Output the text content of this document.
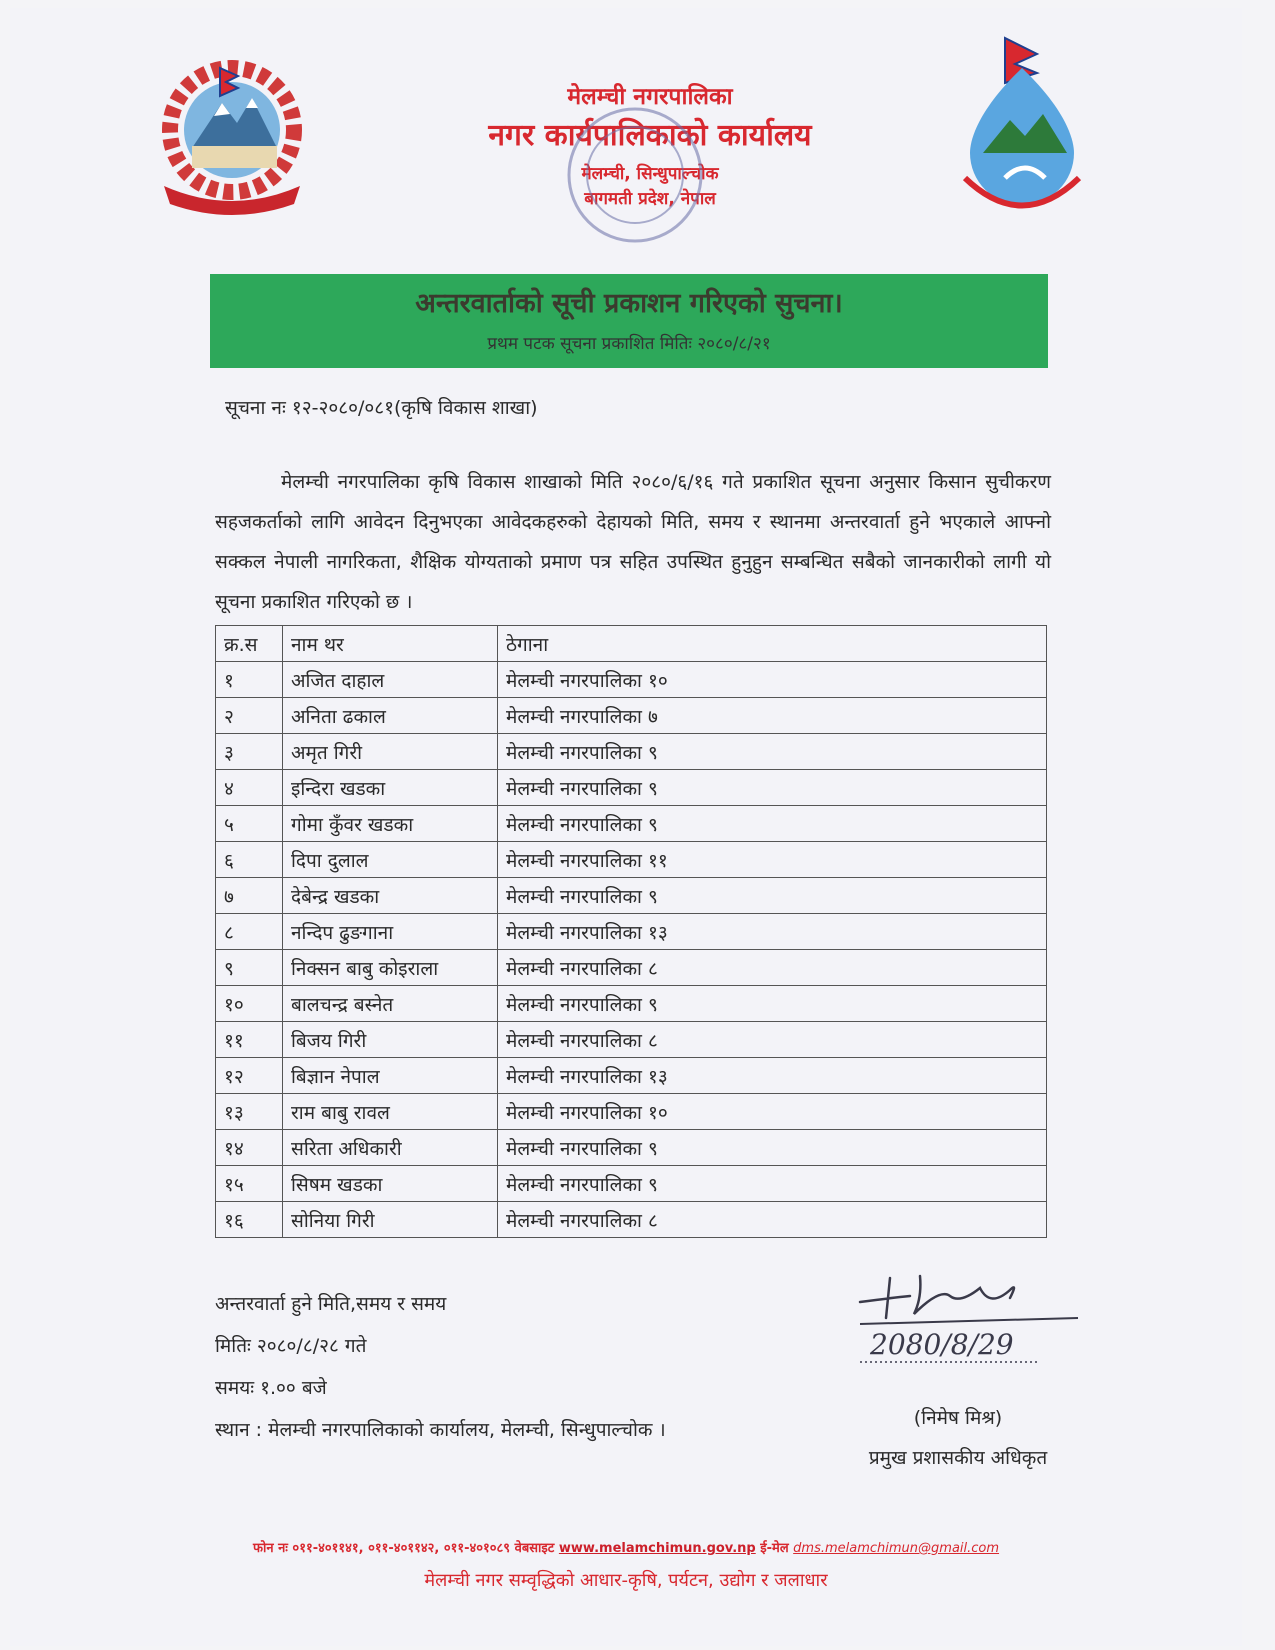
मेलम्ची नगरपालिका
नगर कार्यपालिकाको कार्यालय
मेलम्ची, सिन्धुपाल्चोक
बागमती प्रदेश, नेपाल
अन्तरवार्ताको सूची प्रकाशन गरिएको सुचना।
प्रथम पटक सूचना प्रकाशित मितिः २०८०/८/२१
सूचना नः १२-२०८०/०८१(कृषि विकास शाखा)
मेलम्ची नगरपालिका कृषि विकास शाखाको मिति २०८०/६/१६ गते प्रकाशित सूचना अनुसार किसान सुचीकरण सहजकर्ताको लागि आवेदन दिनुभएका आवेदकहरुको देहायको मिति, समय र स्थानमा अन्तरवार्ता हुने भएकाले आफ्नो सक्कल नेपाली नागरिकता, शैक्षिक योग्यताको प्रमाण पत्र सहित उपस्थित हुनुहुन सम्बन्धित सबैको जानकारीको लागी यो सूचना प्रकाशित गरिएको छ ।
क्र.स	नाम थर	ठेगाना
१	अजित दाहाल	मेलम्ची नगरपालिका १०
२	अनिता ढकाल	मेलम्ची नगरपालिका ७
३	अमृत गिरी	मेलम्ची नगरपालिका ९
४	इन्दिरा खडका	मेलम्ची नगरपालिका ९
५	गोमा कुँवर खडका	मेलम्ची नगरपालिका ९
६	दिपा दुलाल	मेलम्ची नगरपालिका ११
७	देबेन्द्र खडका	मेलम्ची नगरपालिका ९
८	नन्दिप ढुङगाना	मेलम्ची नगरपालिका १३
९	निक्सन बाबु कोइराला	मेलम्ची नगरपालिका ८
१०	बालचन्द्र बस्नेत	मेलम्ची नगरपालिका ९
११	बिजय गिरी	मेलम्ची नगरपालिका ८
१२	बिज्ञान नेपाल	मेलम्ची नगरपालिका १३
१३	राम बाबु रावल	मेलम्ची नगरपालिका १०
१४	सरिता अधिकारी	मेलम्ची नगरपालिका ९
१५	सिषम खडका	मेलम्ची नगरपालिका ९
१६	सोनिया गिरी	मेलम्ची नगरपालिका ८
अन्तरवार्ता हुने मिति,समय र समय
मितिः २०८०/८/२८ गते
समयः १.०० बजे
स्थान : मेलम्ची नगरपालिकाको कार्यालय, मेलम्ची, सिन्धुपाल्चोक ।
2080/8/29
(निमेष मिश्र)
प्रमुख प्रशासकीय अधिकृत
फोन नः ०११-४०११४१, ०११-४०११४२, ०११-४०१०८९ वेबसाइट www.melamchimun.gov.np ई-मेल dms.melamchimun@gmail.com
मेलम्ची नगर सम्वृद्धिको आधार-कृषि, पर्यटन, उद्योग र जलाधार
